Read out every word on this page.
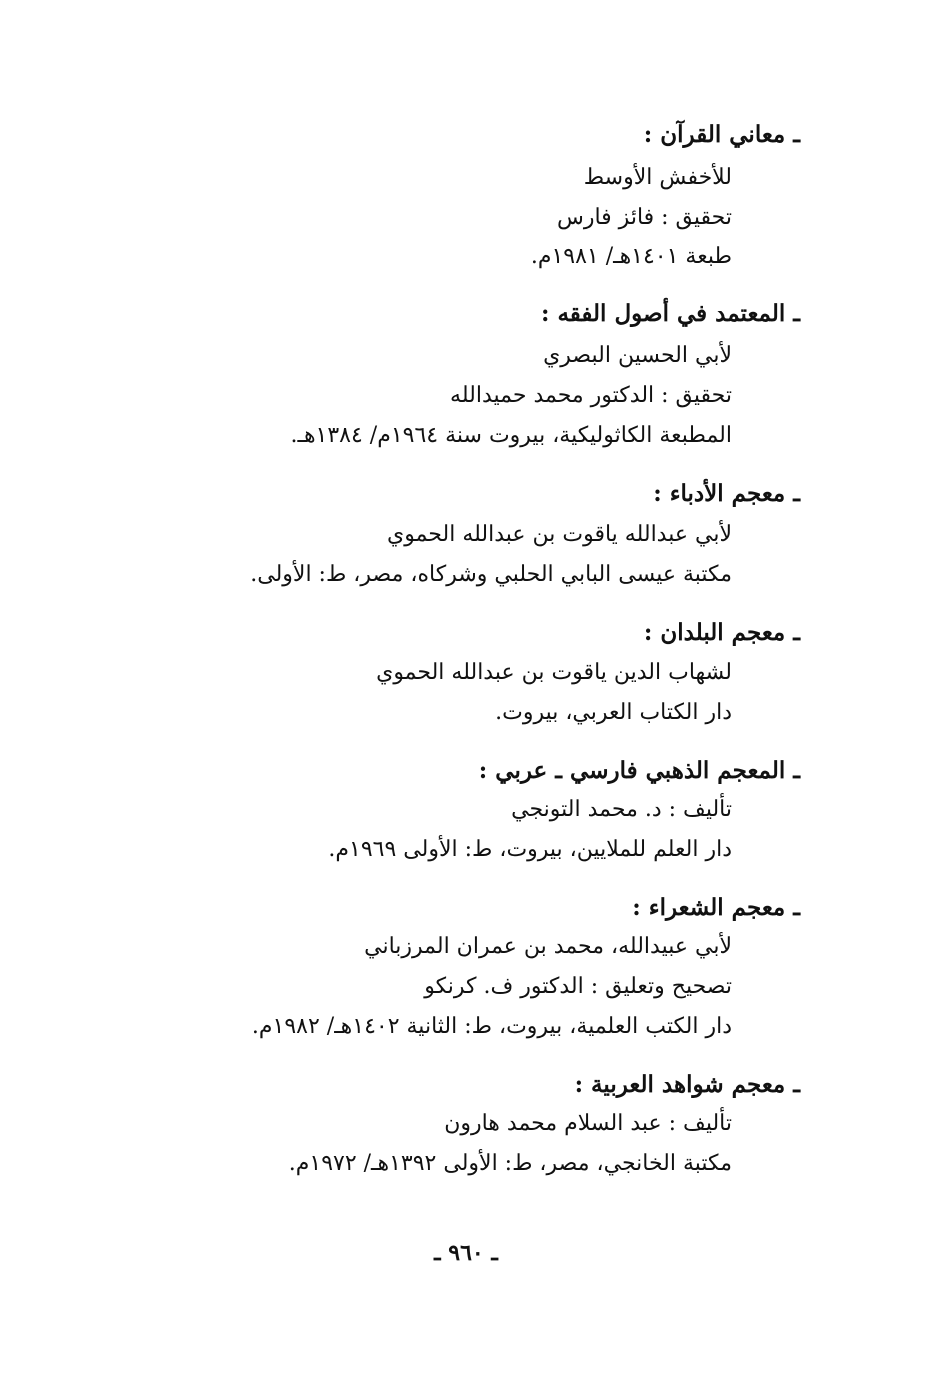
ـ معاني القرآن :
للأخفش الأوسط
تحقيق : فائز فارس
طبعة ١٤٠١هـ/ ١٩٨١م.
ـ المعتمد في أصول الفقه :
لأبي الحسين البصري
تحقيق : الدكتور محمد حميدالله
المطبعة الكاثوليكية، بيروت سنة ١٩٦٤م/ ١٣٨٤هـ.
ـ معجم الأدباء :
لأبي عبدالله ياقوت بن عبدالله الحموي
مكتبة عيسى البابي الحلبي وشركاه، مصر، ط: الأولى.
ـ معجم البلدان :
لشهاب الدين ياقوت بن عبدالله الحموي
دار الكتاب العربي، بيروت.
ـ المعجم الذهبي فارسي ـ عربي :
تأليف : د. محمد التونجي
دار العلم للملايين، بيروت، ط: الأولى ١٩٦٩م.
ـ معجم الشعراء :
لأبي عبيدالله، محمد بن عمران المرزباني
تصحيح وتعليق : الدكتور ف. كرنكو
دار الكتب العلمية، بيروت، ط: الثانية ١٤٠٢هـ/ ١٩٨٢م.
ـ معجم شواهد العربية :
تأليف : عبد السلام محمد هارون
مكتبة الخانجي، مصر، ط: الأولى ١٣٩٢هـ/ ١٩٧٢م.
ـ ٩٦٠ ـ
